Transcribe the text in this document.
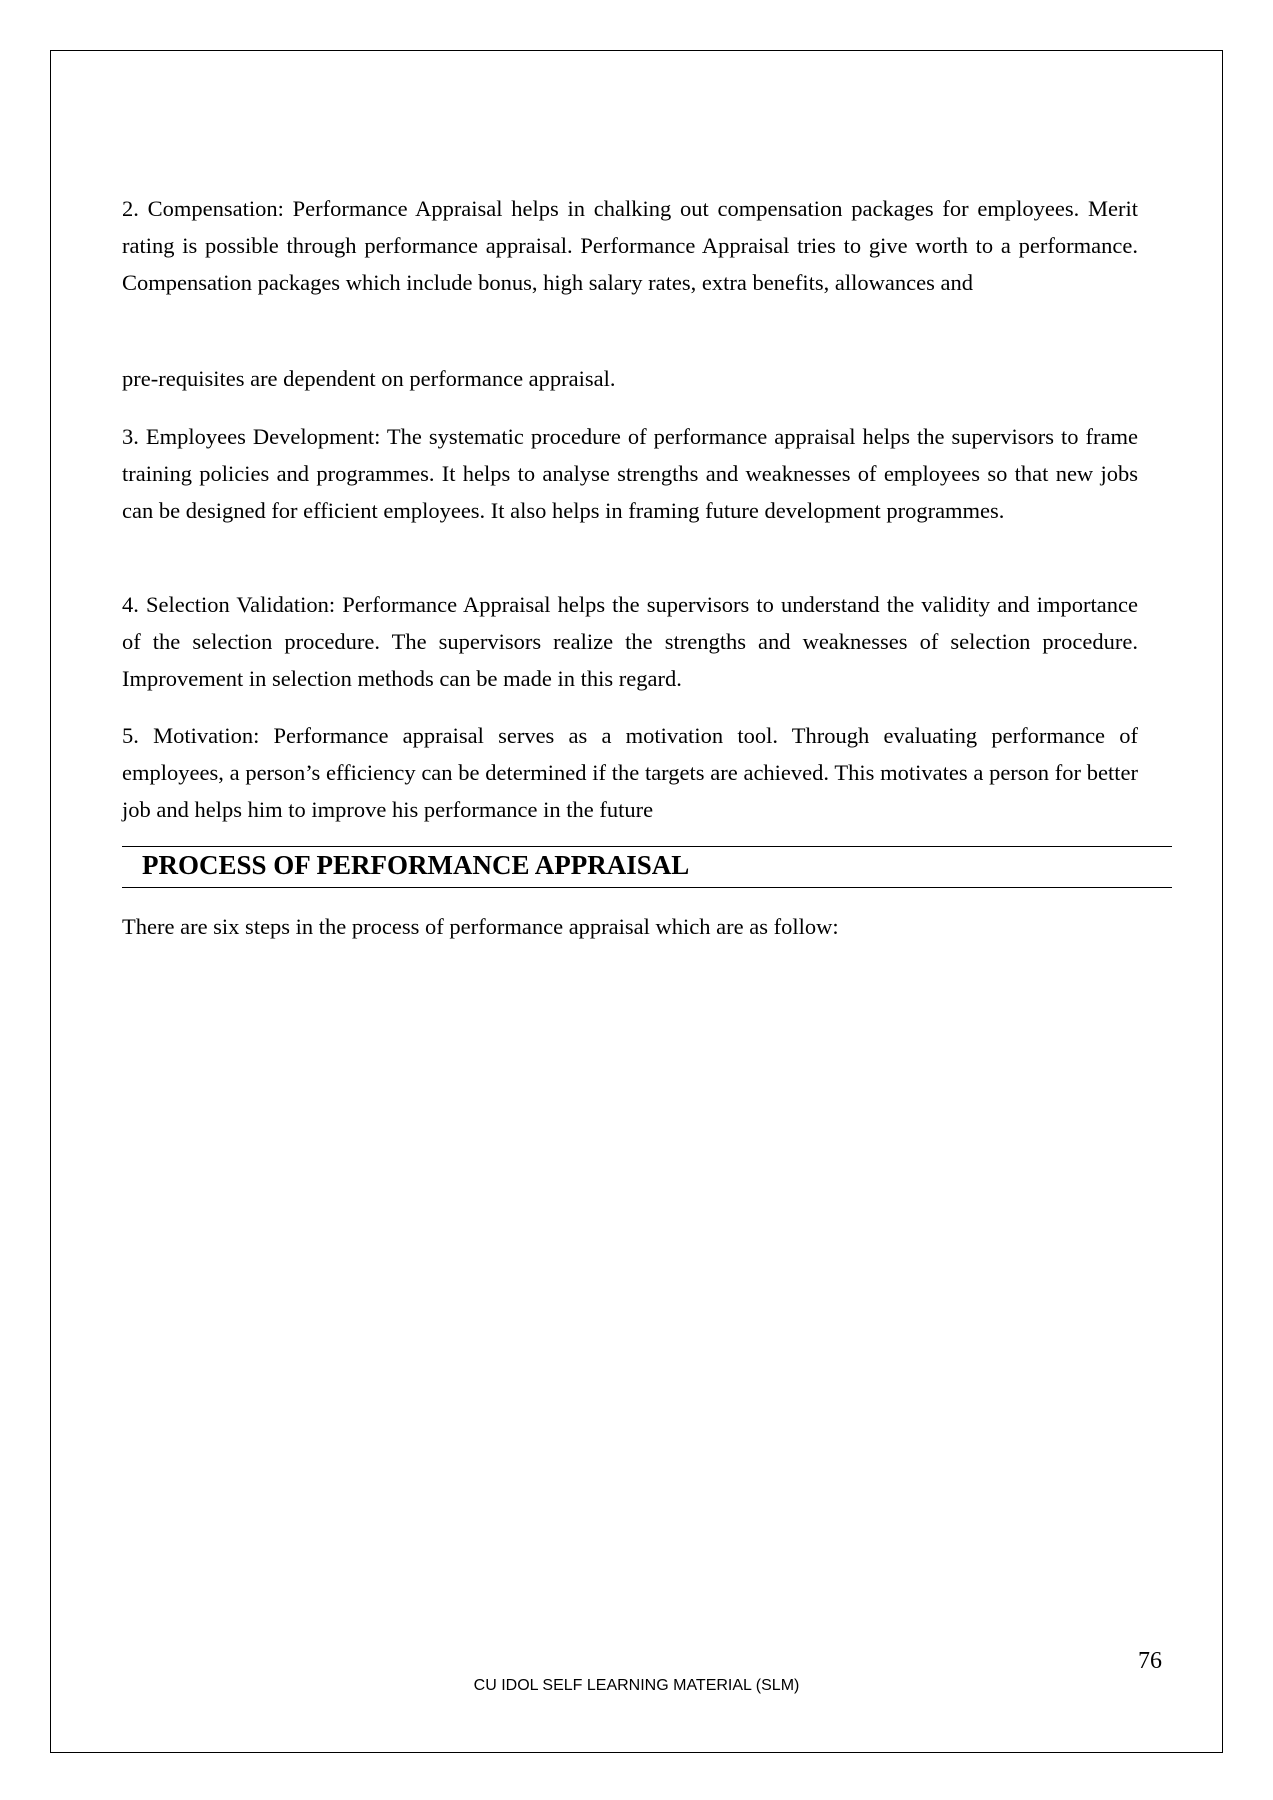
2. Compensation: Performance Appraisal helps in chalking out compensation packages for employees. Merit rating is possible through performance appraisal. Performance Appraisal tries to give worth to a performance. Compensation packages which include bonus, high salary rates, extra benefits, allowances and

pre-requisites are dependent on performance appraisal.

3. Employees Development: The systematic procedure of performance appraisal helps the supervisors to frame training policies and programmes. It helps to analyse strengths and weaknesses of employees so that new jobs can be designed for efficient employees. It also helps in framing future development programmes.

4. Selection Validation: Performance Appraisal helps the supervisors to understand the validity and importance of the selection procedure. The supervisors realize the strengths and weaknesses of selection procedure. Improvement in selection methods can be made in this regard.

5. Motivation: Performance appraisal serves as a motivation tool. Through evaluating performance of employees, a person’s efficiency can be determined if the targets are achieved. This motivates a person for better job and helps him to improve his performance in the future

PROCESS OF PERFORMANCE APPRAISAL

There are six steps in the process of performance appraisal which are as follow:

76
CU IDOL SELF LEARNING MATERIAL (SLM)
